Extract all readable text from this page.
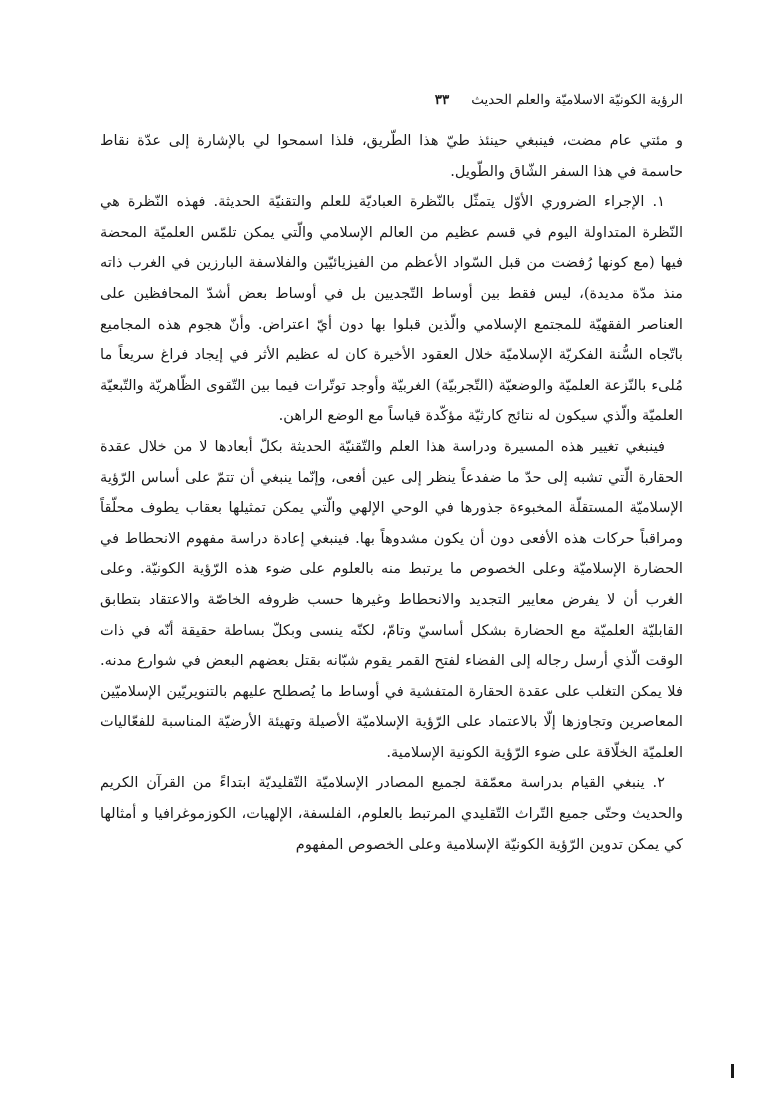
الرؤية الكونيّة الاسلاميّة والعلم الحديث٣٣

و مئتي عام مضت، فينبغي حينئذ طيّ هذا الطّريق، فلذا اسمحوا لي بالإشارة إلى عدّة نقاط حاسمة في هذا السفر الشّاق والطّويل.

١. الإجراء الضروري الأوّل يتمثّل بالنّظرة العباديّة للعلم والتقنيّة الحديثة. فهذه النّظرة هي النّظرة المتداولة اليوم في قسم عظيم من العالم الإسلامي والّتي يمكن تلمّس العلميّة المحضة فيها (مع كونها رُفضت من قبل السّواد الأعظم من الفيزيائيّين والفلاسفة البارزين في الغرب ذاته منذ مدّة مديدة)، ليس فقط بين أوساط التّجديين بل في أوساط بعض أشدّ المحافظين على العناصر الفقهيّة للمجتمع الإسلامي والّذين قبلوا بها دون أيّ اعتراض. وأنّ هجوم هذه المجاميع باتّجاه السُّنة الفكريّة الإسلاميّة خلال العقود الأخيرة كان له عظيم الأثر في إيجاد فراغ سريعاً ما مُلىء بالنّزعة العلميّة والوضعيّة (التّجربيّة) الغربيّة وأوجد توتّرات فيما بين التّقوى الظّاهريّة والتّبعيّة العلميّة والّذي سيكون له نتائج كارثيّة مؤكّدة قياساً مع الوضع الراهن.

فينبغي تغيير هذه المسيرة ودراسة هذا العلم والتّقنيّة الحديثة بكلّ أبعادها لا من خلال عقدة الحقارة الّتي تشبه إلى حدّ ما ضفدعاً ينظر إلى عين أفعى، وإنّما ينبغي أن تتمّ على أساس الرّؤية الإسلاميّة المستقلّة المخبوءة جذورها في الوحي الإلهي والّتي يمكن تمثيلها بعقاب يطوف محلّقاً ومراقباً حركات هذه الأفعى دون أن يكون مشدوهاً بها. فينبغي إعادة دراسة مفهوم الانحطاط في الحضارة الإسلاميّة وعلى الخصوص ما يرتبط منه بالعلوم على ضوء هذه الرّؤية الكونيّة. وعلى الغرب أن لا يفرض معايير التجديد والانحطاط وغيرها حسب ظروفه الخاصّة والاعتقاد بتطابق القابليّة العلميّة مع الحضارة بشكل أساسيّ وتامّ، لكنّه ينسى وبكلّ بساطة حقيقة أنّه في ذات الوقت الّذي أرسل رجاله إلى الفضاء لفتح القمر يقوم شبّانه بقتل بعضهم البعض في شوارع مدنه. فلا يمكن التغلب على عقدة الحقارة المتفشية في أوساط ما يُصطلح عليهم بالتنويريّين الإسلاميّين المعاصرين وتجاوزها إلّا بالاعتماد على الرّؤية الإسلاميّة الأصيلة وتهيئة الأرضيّة المناسبة للفعّاليات العلميّة الخلّاقة على ضوء الرّؤية الكونية الإسلامية.

٢. ينبغي القيام بدراسة معمّقة لجميع المصادر الإسلاميّة التّقليديّة ابتداءً من القرآن الكريم والحديث وحتّى جميع التّراث التّقليدي المرتبط بالعلوم، الفلسفة، الإلهيات، الكوزموغرافيا و أمثالها كي يمكن تدوين الرّؤية الكونيّة الإسلامية وعلى الخصوص المفهوم
